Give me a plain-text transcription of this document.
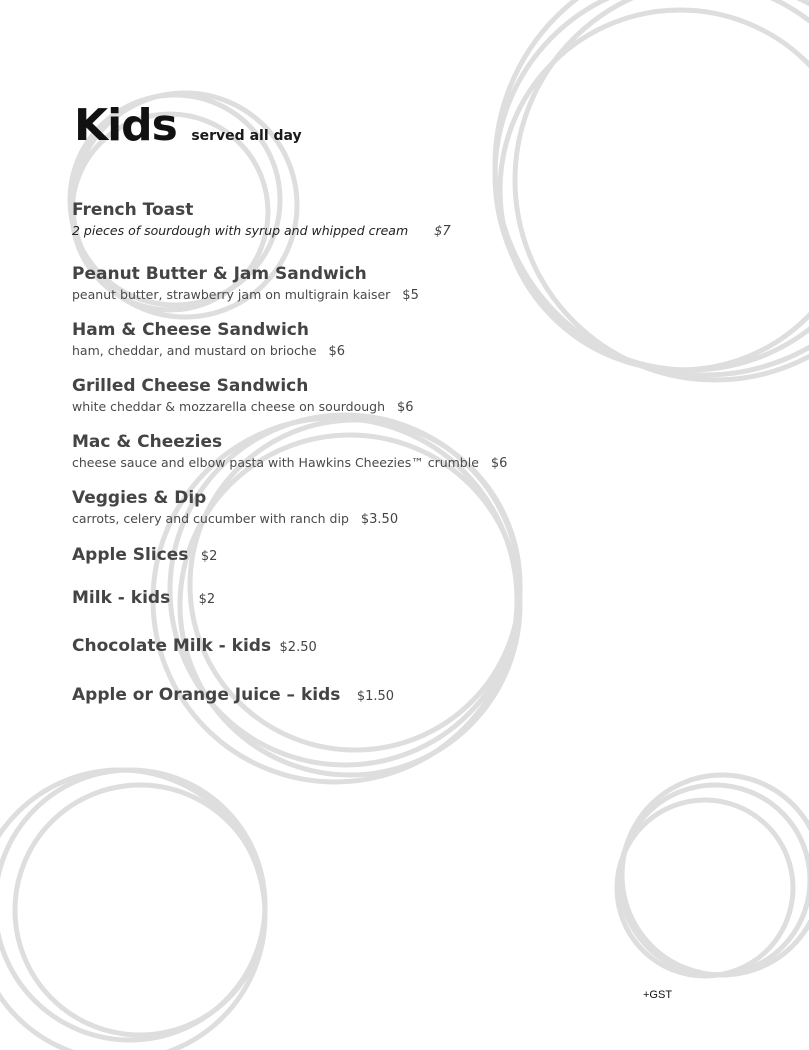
Kids served all day
French Toast
2 pieces of sourdough with syrup and whipped cream $7
Peanut Butter & Jam Sandwich
peanut butter, strawberry jam on multigrain kaiser $5
Ham & Cheese Sandwich
ham, cheddar, and mustard on brioche $6
Grilled Cheese Sandwich
white cheddar & mozzarella cheese on sourdough $6
Mac & Cheezies
cheese sauce and elbow pasta with Hawkins Cheezies™ crumble $6
Veggies & Dip
carrots, celery and cucumber with ranch dip $3.50
Apple Slices $2
Milk - kids $2
Chocolate Milk - kids $2.50
Apple or Orange Juice – kids $1.50
+GST
